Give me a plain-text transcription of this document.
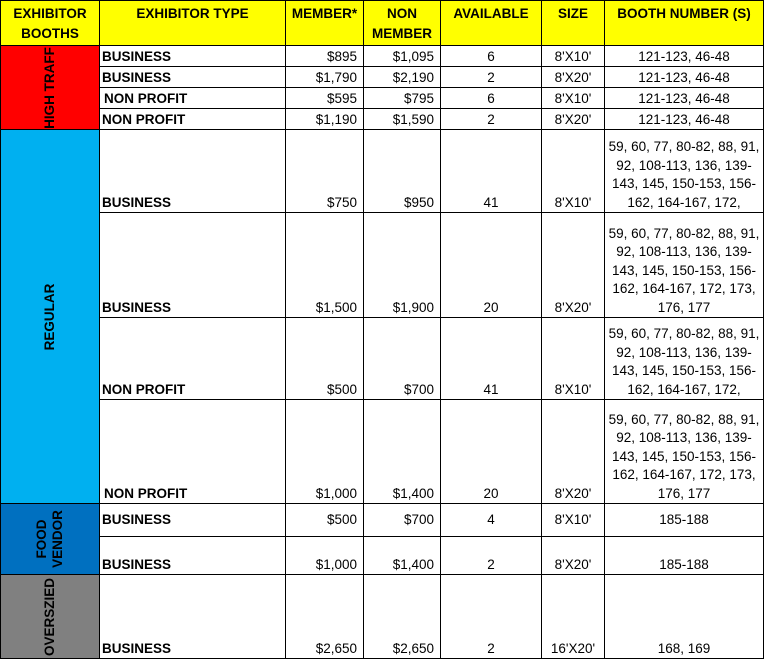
EXHIBITOR BOOTHS	EXHIBITOR TYPE	MEMBER*	NON MEMBER	AVAILABLE	SIZE	BOOTH NUMBER (S)

HIGH TRAFF	BUSINESS	$895	$1,095	6	8'X10'	121-123, 46-48
	BUSINESS	$1,790	$2,190	2	8'X20'	121-123, 46-48
	NON PROFIT	$595	$795	6	8'X10'	121-123, 46-48
	NON PROFIT	$1,190	$1,590	2	8'X20'	121-123, 46-48

REGULAR	BUSINESS	$750	$950	41	8'X10'	59, 60, 77, 80-82, 88, 91, 92, 108-113, 136, 139-143, 145, 150-153, 156-162, 164-167, 172,
	BUSINESS	$1,500	$1,900	20	8'X20'	59, 60, 77, 80-82, 88, 91, 92, 108-113, 136, 139-143, 145, 150-153, 156-162, 164-167, 172, 173, 176, 177
	NON PROFIT	$500	$700	41	8'X10'	59, 60, 77, 80-82, 88, 91, 92, 108-113, 136, 139-143, 145, 150-153, 156-162, 164-167, 172,
	NON PROFIT	$1,000	$1,400	20	8'X20'	59, 60, 77, 80-82, 88, 91, 92, 108-113, 136, 139-143, 145, 150-153, 156-162, 164-167, 172, 173, 176, 177

FOOD VENDOR	BUSINESS	$500	$700	4	8'X10'	185-188
	BUSINESS	$1,000	$1,400	2	8'X20'	185-188

OVERSZIED	BUSINESS	$2,650	$2,650	2	16'X20'	168, 169
